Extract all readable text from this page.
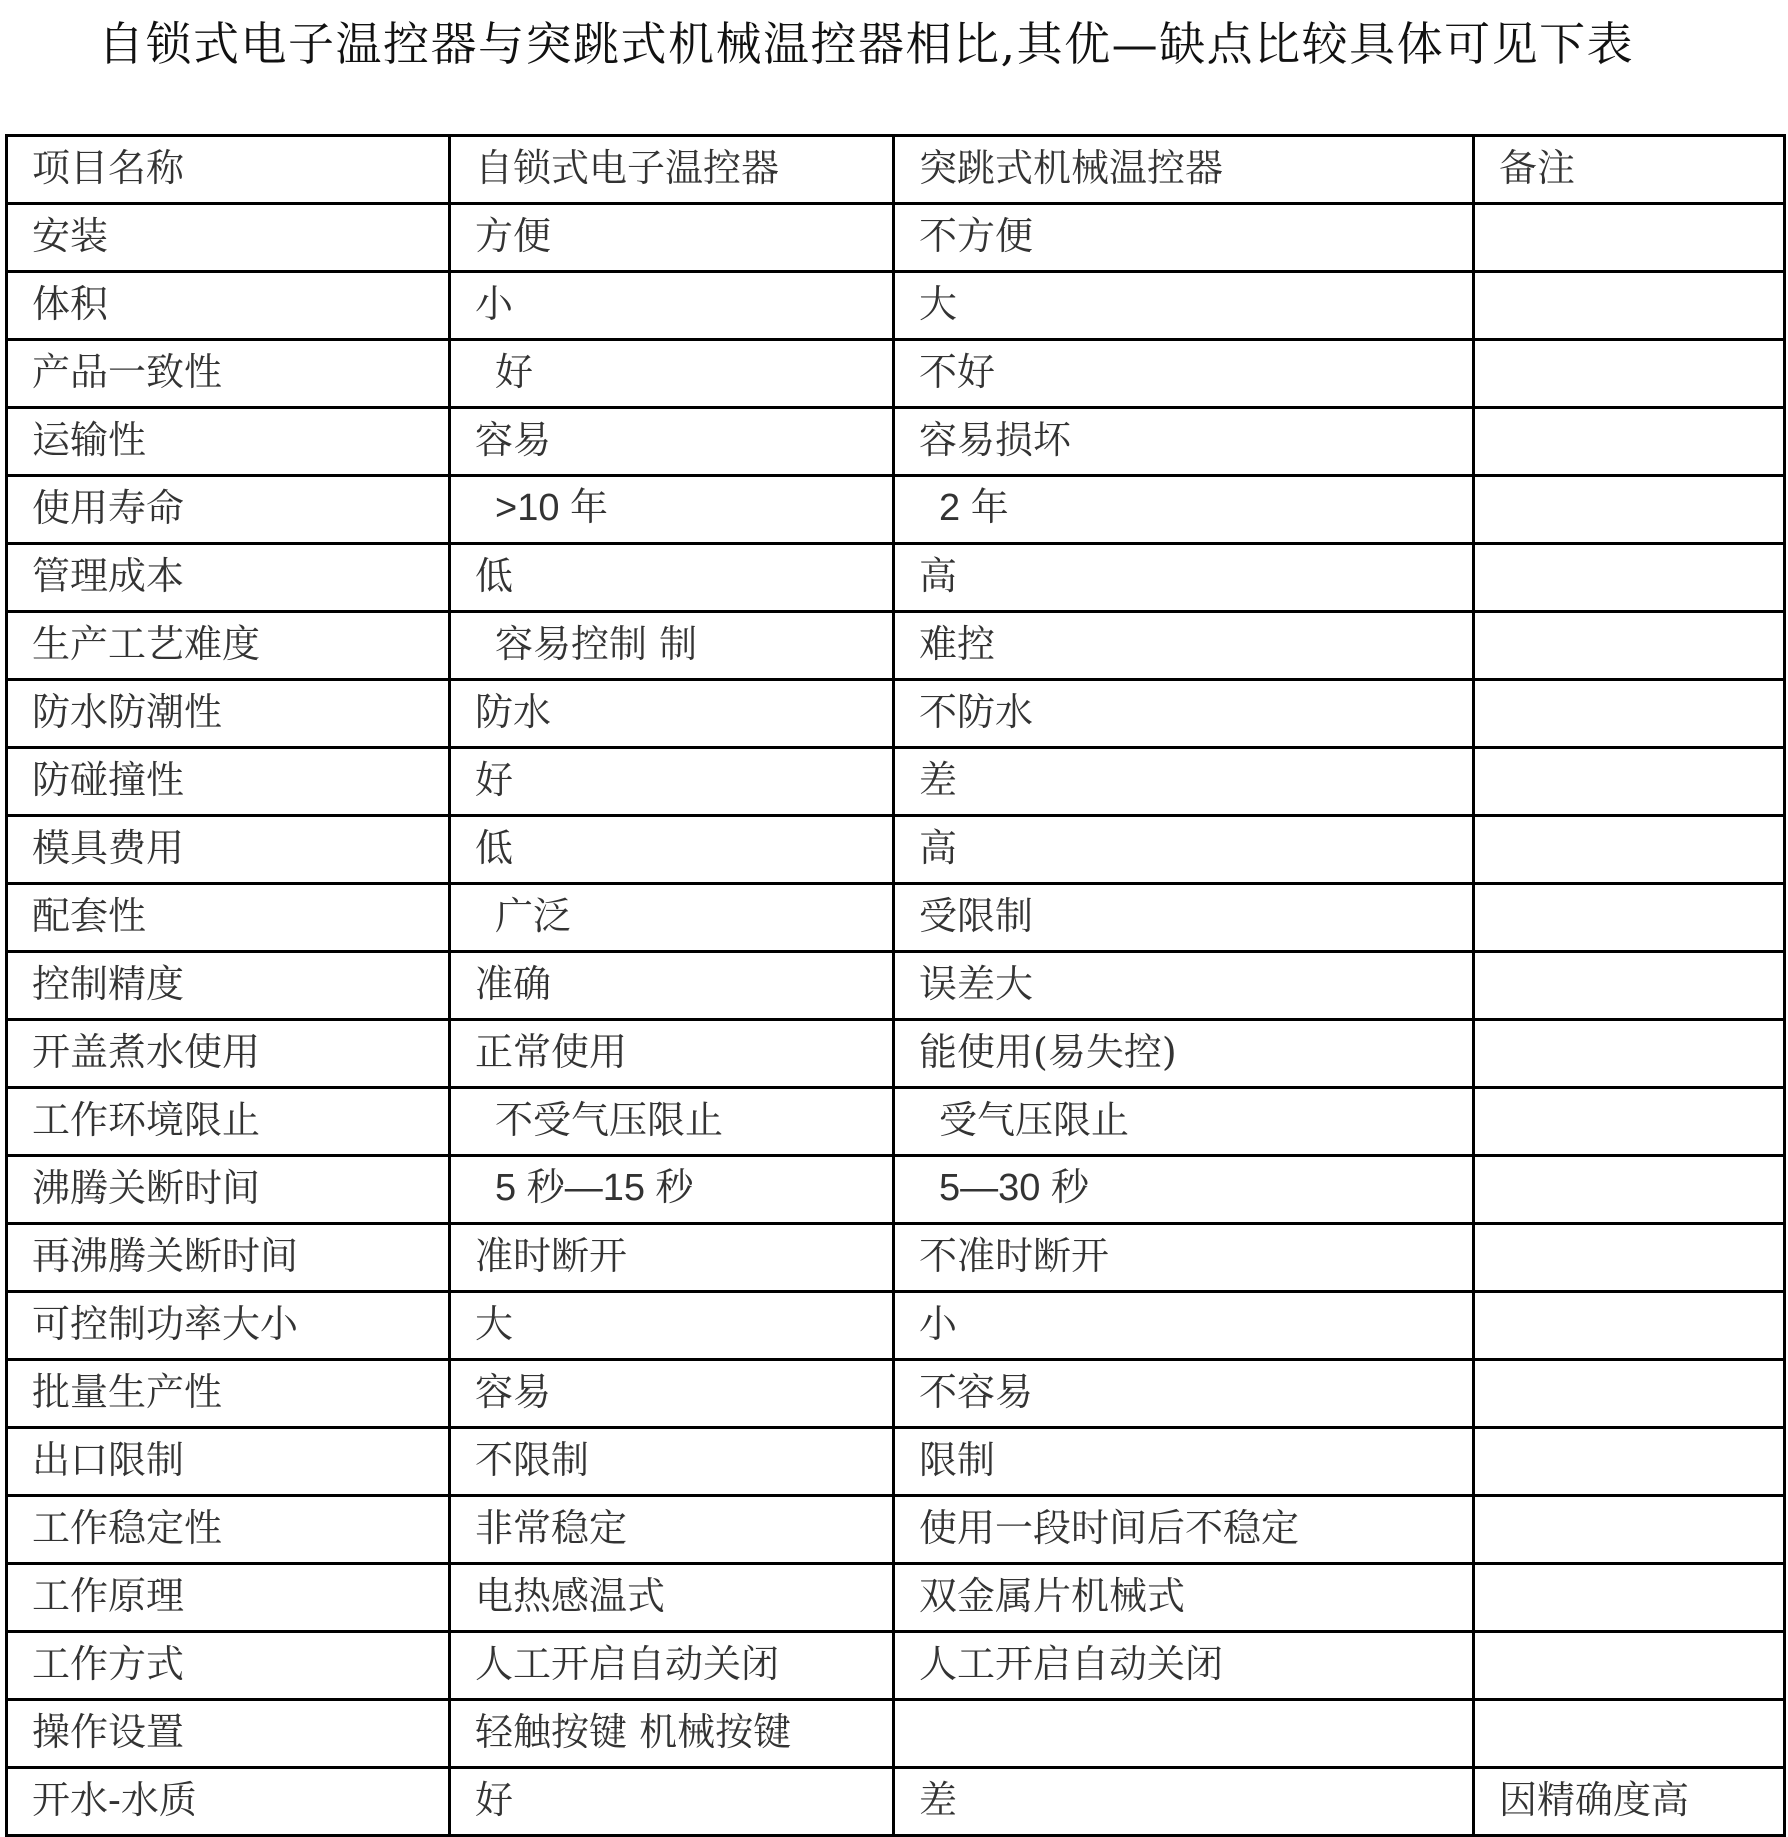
自锁式电子温控器与突跳式机械温控器相比,其优—缺点比较具体可见下表
项目名称	自锁式电子温控器	突跳式机械温控器	备注
安装	方便	不方便	
体积	小	大	
产品一致性	好	不好	
运输性	容易	容易损坏	
使用寿命	>10 年	2 年	
管理成本	低	高	
生产工艺难度	容易控制 制	难控	
防水防潮性	防水	不防水	
防碰撞性	好	差	
模具费用	低	高	
配套性	广泛	受限制	
控制精度	准确	误差大	
开盖煮水使用	正常使用	能使用(易失控)	
工作环境限止	不受气压限止	受气压限止	
沸腾关断时间	5 秒—15 秒	5—30 秒	
再沸腾关断时间	准时断开	不准时断开	
可控制功率大小	大	小	
批量生产性	容易	不容易	
出口限制	不限制	限制	
工作稳定性	非常稳定	使用一段时间后不稳定	
工作原理	电热感温式	双金属片机械式	
工作方式	人工开启自动关闭	人工开启自动关闭	
操作设置	轻触按键 机械按键		
开水-水质	好	差	因精确度高
